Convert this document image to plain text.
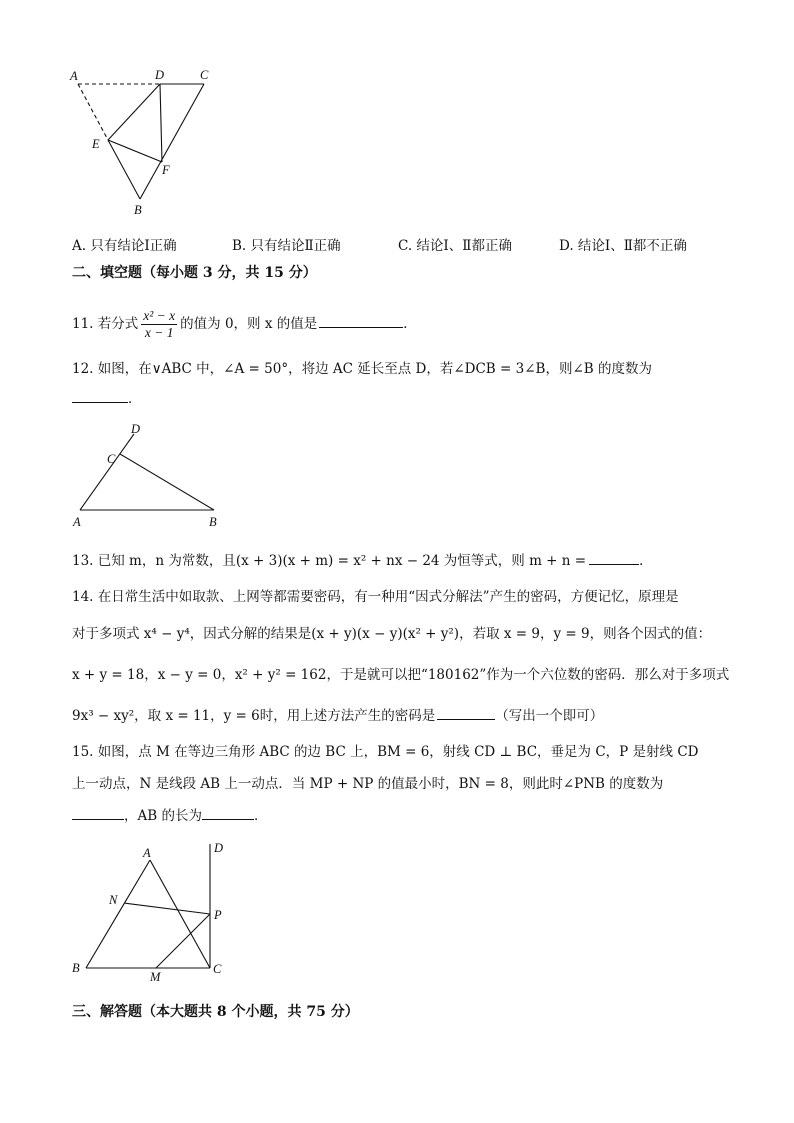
A	D	C
E
F
B
A. 只有结论Ⅰ正确	B. 只有结论Ⅱ正确	C. 结论Ⅰ、Ⅱ都正确	D. 结论Ⅰ、Ⅱ都不正确
二、填空题（每小题 3 分，共 15 分）
11. 若分式 $\frac{\text{x² − x}}{x - 1}$ 的值为 0，则 x 的值是	．
12. 如图，在∨ABC 中，∠A = 50°，将边 AC 延长至点 D，若∠DCB = 3∠B，则∠B 的度数为
．
D
C
A	B
13. 已知 m，n 为常数，且(x + 3)(x + m) = x² + nx − 24 为恒等式，则 m + n =	．
14. 在日常生活中如取款、上网等都需要密码，有一种用“因式分解法”产生的密码，方便记忆，原理是
对于多项式 x⁴ − y⁴，因式分解的结果是(x + y)(x − y)(x² + y²)，若取 x = 9，y = 9，则各个因式的值：
x + y = 18，x − y = 0，x² + y² = 162，于是就可以把“180162”作为一个六位数的密码．那么对于多项式
9x³ − xy²，取 x = 11，y = 6时，用上述方法产生的密码是	（写出一个即可）
15. 如图，点 M 在等边三角形 ABC 的边 BC 上，BM = 6，射线 CD ⊥ BC，垂足为 C，P 是射线 CD
上一动点，N 是线段 AB 上一动点．当 MP + NP 的值最小时，BN = 8，则此时∠PNB 的度数为
，AB 的长为	．
A	D
N
P
B
M
C
三、解答题（本大题共 8 个小题，共 75 分）
